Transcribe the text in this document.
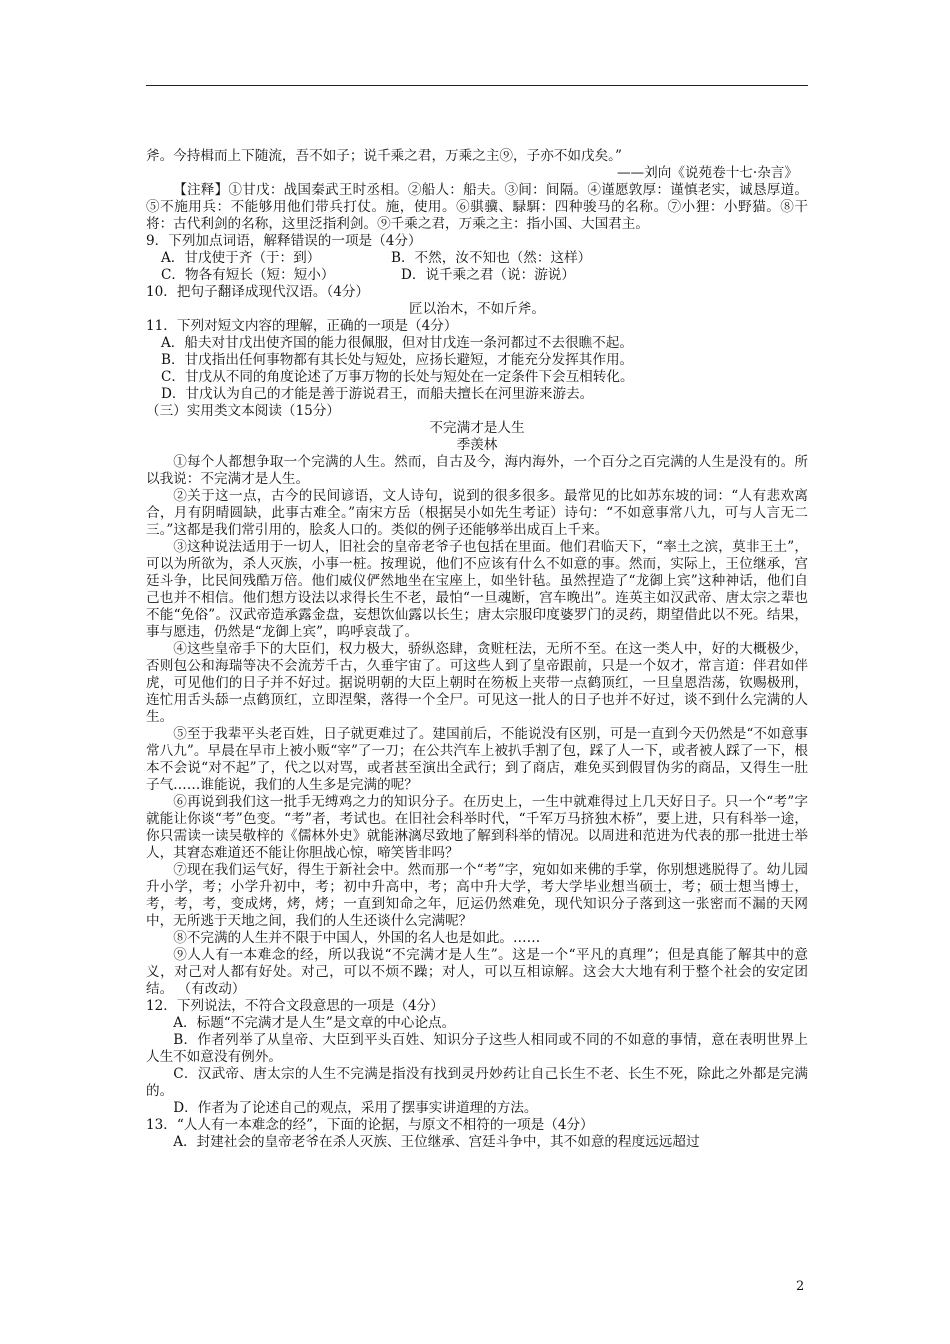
斧。今持楫而上下随流，吾不如子；说千乘之君，万乘之主⑨，子亦不如戊矣。”

——刘向《说苑卷十七·杂言》

【注释】①甘戊：战国秦武王时丞相。②船人：船夫。③间：间隔。④谨愿敦厚：谨慎老实，诚恳厚道。⑤不施用兵：不能够用他们带兵打仗。施，使用。⑥骐骥、騄駬：四种骏马的名称。⑦小狸：小野猫。⑧干将：古代利剑的名称，这里泛指利剑。⑨千乘之君，万乘之主：指小国、大国君主。

9．下列加点词语，解释错误的一项是（4分）

A．甘戊使于齐（于：到）	B．不然，汝不知也（然：这样）
C．物各有短长（短：短小）	D．说千乘之君（说：游说）

10．把句子翻译成现代汉语。（4分）

匠以治木，不如斤斧。

11．下列对短文内容的理解，正确的一项是（4分）

A．船夫对甘戊出使齐国的能力很佩服，但对甘戊连一条河都过不去很瞧不起。

B．甘戊指出任何事物都有其长处与短处，应扬长避短，才能充分发挥其作用。

C．甘戊从不同的角度论述了万事万物的长处与短处在一定条件下会互相转化。

D．甘戊认为自己的才能是善于游说君王，而船夫擅长在河里游来游去。

（三）实用类文本阅读（15分）

不完满才是人生

季羡林

①每个人都想争取一个完满的人生。然而，自古及今，海内海外，一个百分之百完满的人生是没有的。所以我说：不完满才是人生。

②关于这一点，古今的民间谚语，文人诗句，说到的很多很多。最常见的比如苏东坡的词：“人有悲欢离合，月有阴晴圆缺，此事古难全。”南宋方岳（根据吴小如先生考证）诗句：“不如意事常八九，可与人言无二三。”这都是我们常引用的，脍炙人口的。类似的例子还能够举出成百上千来。

③这种说法适用于一切人，旧社会的皇帝老爷子也包括在里面。他们君临天下，“率土之滨，莫非王土”，可以为所欲为，杀人灭族，小事一桩。按理说，他们不应该有什么不如意的事。然而，实际上，王位继承，宫廷斗争，比民间残酷万倍。他们威仪俨然地坐在宝座上，如坐针毡。虽然捏造了“龙御上宾”这种神话，他们自己也并不相信。他们想方设法以求得长生不老，最怕“一旦魂断，宫车晚出”。连英主如汉武帝、唐太宗之辈也不能“免俗”。汉武帝造承露金盘，妄想饮仙露以长生；唐太宗服印度婆罗门的灵药，期望借此以不死。结果，事与愿违，仍然是“龙御上宾”，呜呼哀哉了。

④这些皇帝手下的大臣们，权力极大，骄纵恣肆，贪赃枉法，无所不至。在这一类人中，好的大概极少，否则包公和海瑞等决不会流芳千古，久垂宇宙了。可这些人到了皇帝跟前，只是一个奴才，常言道：伴君如伴虎，可见他们的日子并不好过。据说明朝的大臣上朝时在笏板上夹带一点鹤顶红，一旦皇恩浩荡，钦赐极刑，连忙用舌头舔一点鹤顶红，立即涅槃，落得一个全尸。可见这一批人的日子也并不好过，谈不到什么完满的人生。

⑤至于我辈平头老百姓，日子就更难过了。建国前后，不能说没有区别，可是一直到今天仍然是“不如意事常八九”。早晨在早市上被小贩“宰”了一刀；在公共汽车上被扒手割了包，踩了人一下，或者被人踩了一下，根本不会说“对不起”了，代之以对骂，或者甚至演出全武行；到了商店，难免买到假冒伪劣的商品，又得生一肚子气……谁能说，我们的人生多是完满的呢？

⑥再说到我们这一批手无缚鸡之力的知识分子。在历史上，一生中就难得过上几天好日子。只一个“考”字就能让你谈“考”色变。“考”者，考试也。在旧社会科举时代，“千军万马挤独木桥”，要上进，只有科举一途，你只需读一读吴敬梓的《儒林外史》就能淋漓尽致地了解到科举的情况。以周进和范进为代表的那一批进士举人，其窘态难道还不能让你胆战心惊，啼笑皆非吗？

⑦现在我们运气好，得生于新社会中。然而那一个“考”字，宛如如来佛的手掌，你别想逃脱得了。幼儿园升小学，考；小学升初中，考；初中升高中，考；高中升大学，考大学毕业想当硕士，考；硕士想当博士，考，考，考，变成烤，烤，烤；一直到知命之年，厄运仍然难免，现代知识分子落到这一张密而不漏的天网中，无所逃于天地之间，我们的人生还谈什么完满呢？

⑧不完满的人生并不限于中国人，外国的名人也是如此。……

⑨人人有一本难念的经，所以我说“不完满才是人生”。这是一个“平凡的真理”；但是真能了解其中的意义，对己对人都有好处。对己，可以不烦不躁；对人，可以互相谅解。这会大大地有利于整个社会的安定团结。 （有改动）

12．下列说法，不符合文段意思的一项是（4分）

A．标题“不完满才是人生”是文章的中心论点。

B．作者列举了从皇帝、大臣到平头百姓、知识分子这些人相同或不同的不如意的事情，意在表明世界上人生不如意没有例外。

C．汉武帝、唐太宗的人生不完满是指没有找到灵丹妙药让自己长生不老、长生不死，除此之外都是完满的。

D．作者为了论述自己的观点，采用了摆事实讲道理的方法。

13．“人人有一本难念的经”，下面的论据，与原文不相符的一项是（4分）

A．封建社会的皇帝老爷在杀人灭族、王位继承、宫廷斗争中，其不如意的程度远远超过

2
